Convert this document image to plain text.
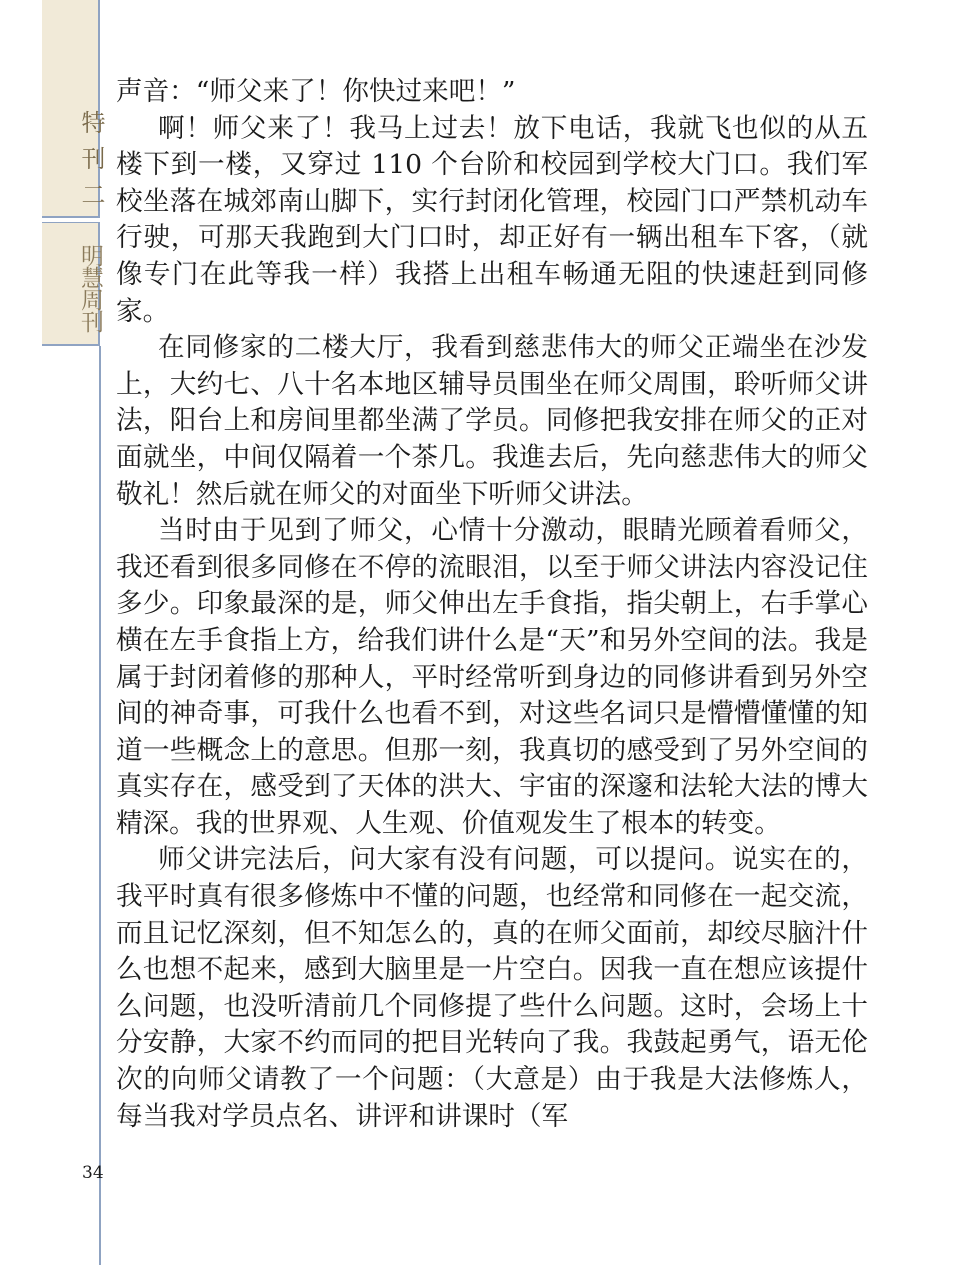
特刊二
明慧周刊
34

声音：“师父来了！你快过来吧！”

啊！师父来了！我马上过去！放下电话，我就飞也似的从五楼下到一楼，又穿过 110 个台阶和校园到学校大门口。我们军校坐落在城郊南山脚下，实行封闭化管理，校园门口严禁机动车行驶，可那天我跑到大门口时，却正好有一辆出租车下客，（就像专门在此等我一样）我搭上出租车畅通无阻的快速赶到同修家。

在同修家的二楼大厅，我看到慈悲伟大的师父正端坐在沙发上，大约七、八十名本地区辅导员围坐在师父周围，聆听师父讲法，阳台上和房间里都坐满了学员。同修把我安排在师父的正对面就坐，中间仅隔着一个茶几。我進去后，先向慈悲伟大的师父敬礼！然后就在师父的对面坐下听师父讲法。

当时由于见到了师父，心情十分激动，眼睛光顾着看师父，我还看到很多同修在不停的流眼泪，以至于师父讲法内容没记住多少。印象最深的是，师父伸出左手食指，指尖朝上，右手掌心横在左手食指上方，给我们讲什么是“天”和另外空间的法。我是属于封闭着修的那种人，平时经常听到身边的同修讲看到另外空间的神奇事，可我什么也看不到，对这些名词只是懵懵懂懂的知道一些概念上的意思。但那一刻，我真切的感受到了另外空间的真实存在，感受到了天体的洪大、宇宙的深邃和法轮大法的博大精深。我的世界观、人生观、价值观发生了根本的转变。

师父讲完法后，问大家有没有问题，可以提问。说实在的，我平时真有很多修炼中不懂的问题，也经常和同修在一起交流，而且记忆深刻，但不知怎么的，真的在师父面前，却绞尽脑汁什么也想不起来，感到大脑里是一片空白。因我一直在想应该提什么问题，也没听清前几个同修提了些什么问题。这时，会场上十分安静，大家不约而同的把目光转向了我。我鼓起勇气，语无伦次的向师父请教了一个问题：（大意是）由于我是大法修炼人，每当我对学员点名、讲评和讲课时（军
